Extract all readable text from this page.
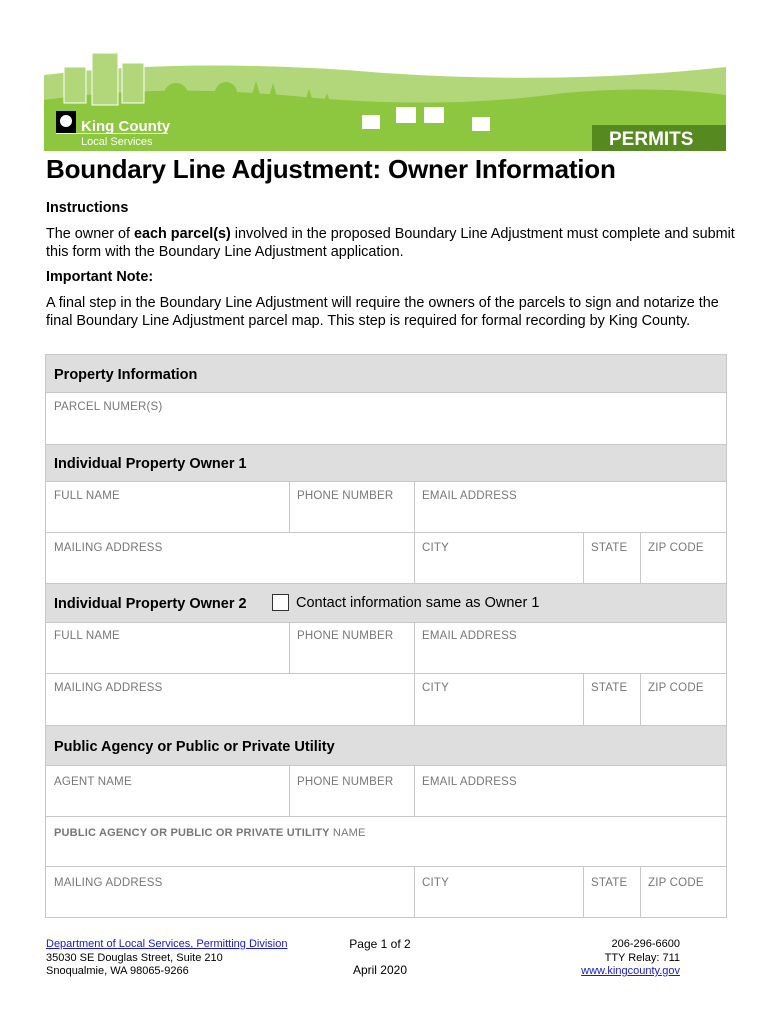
King County
Local Services	PERMITS
Boundary Line Adjustment: Owner Information
Instructions
The owner of each parcel(s) involved in the proposed Boundary Line Adjustment must complete and submit this form with the Boundary Line Adjustment application.
Important Note:
A final step in the Boundary Line Adjustment will require the owners of the parcels to sign and notarize the final Boundary Line Adjustment parcel map. This step is required for formal recording by King County.
Property Information
PARCEL NUMER(S)
Individual Property Owner 1
FULL NAME	PHONE NUMBER EMAIL ADDRESS
MAILING ADDRESS	CITY	STATE ZIP CODE
Individual Property Owner 2	Contact information same as Owner 1
FULL NAME	PHONE NUMBER EMAIL ADDRESS
MAILING ADDRESS	CITY	STATE ZIP CODE
Public Agency or Public or Private Utility
AGENT NAME	PHONE NUMBER EMAIL ADDRESS
PUBLIC AGENCY OR PUBLIC OR PRIVATE UTILITY NAME
MAILING ADDRESS	CITY	STATE ZIP CODE
Department of Local Services, Permitting Division
35030 SE Douglas Street, Suite 210
Snoqualmie, WA 98065-9266
Page 1 of 2
April 2020
206-296-6600
TTY Relay: 711
www.kingcounty.gov
